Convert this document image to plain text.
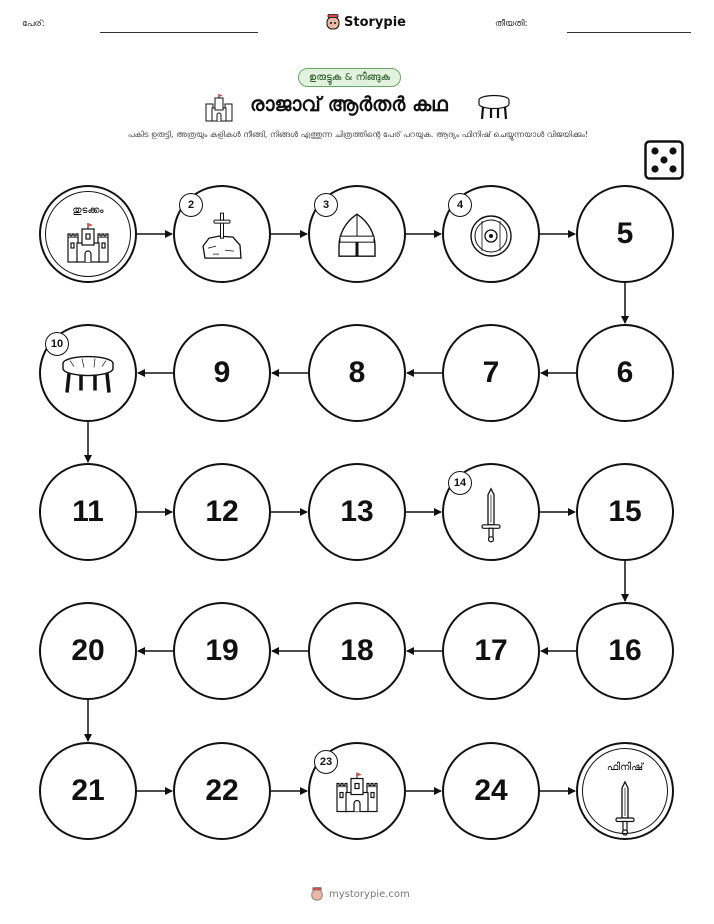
പേര്:	Storypie	തീയതി:
ഉരുട്ടുക & നീങ്ങുക
രാജാവ് ആർതർ കഥ
പകിട ഉരുട്ടി, അത്രയും കളികൾ നീങ്ങി, നിങ്ങൾ എത്തുന്ന ചിത്രത്തിന്റെ പേര് പറയുക. ആദ്യം ഫിനിഷ് ചെയ്യുന്നയാൾ വിജയിക്കും!
തുടക്കം	2	3	4
5
6
7
8
9
10
11	12	13
14
15
16
17
18
19
20
21	22
23
24
ഫിനിഷ്
mystorypie.com
